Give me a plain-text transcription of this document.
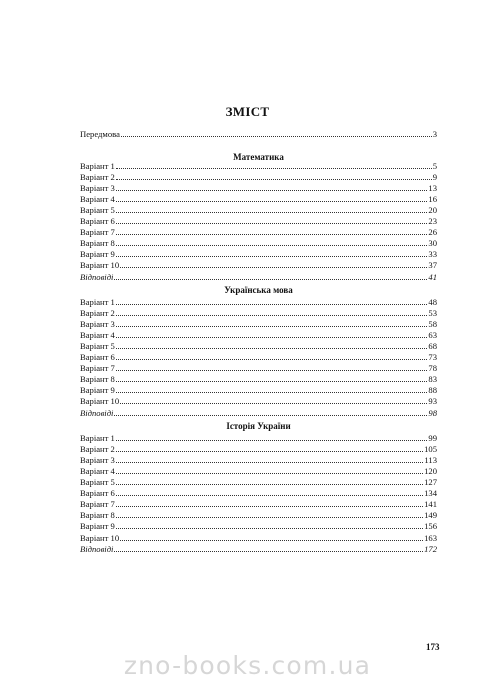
ЗМІСТ
Передмова	3
Математика
Варіант 1	5
Варіант 2	9
Варіант 3	13
Варіант 4	16
Варіант 5	20
Варіант 6	23
Варіант 7	26
Варіант 8	30
Варіант 9	33
Варіант 10	37
Відповіді	41
Українська мова
Варіант 1	48
Варіант 2	53
Варіант 3	58
Варіант 4	63
Варіант 5	68
Варіант 6	73
Варіант 7	78
Варіант 8	83
Варіант 9	88
Варіант 10	93
Відповіді	98
Історія України
Варіант 1	99
Варіант 2	105
Варіант 3	113
Варіант 4	120
Варіант 5	127
Варіант 6	134
Варіант 7	141
Варіант 8	149
Варіант 9	156
Варіант 10	163
Відповіді	172
173
zno-books.com.ua
